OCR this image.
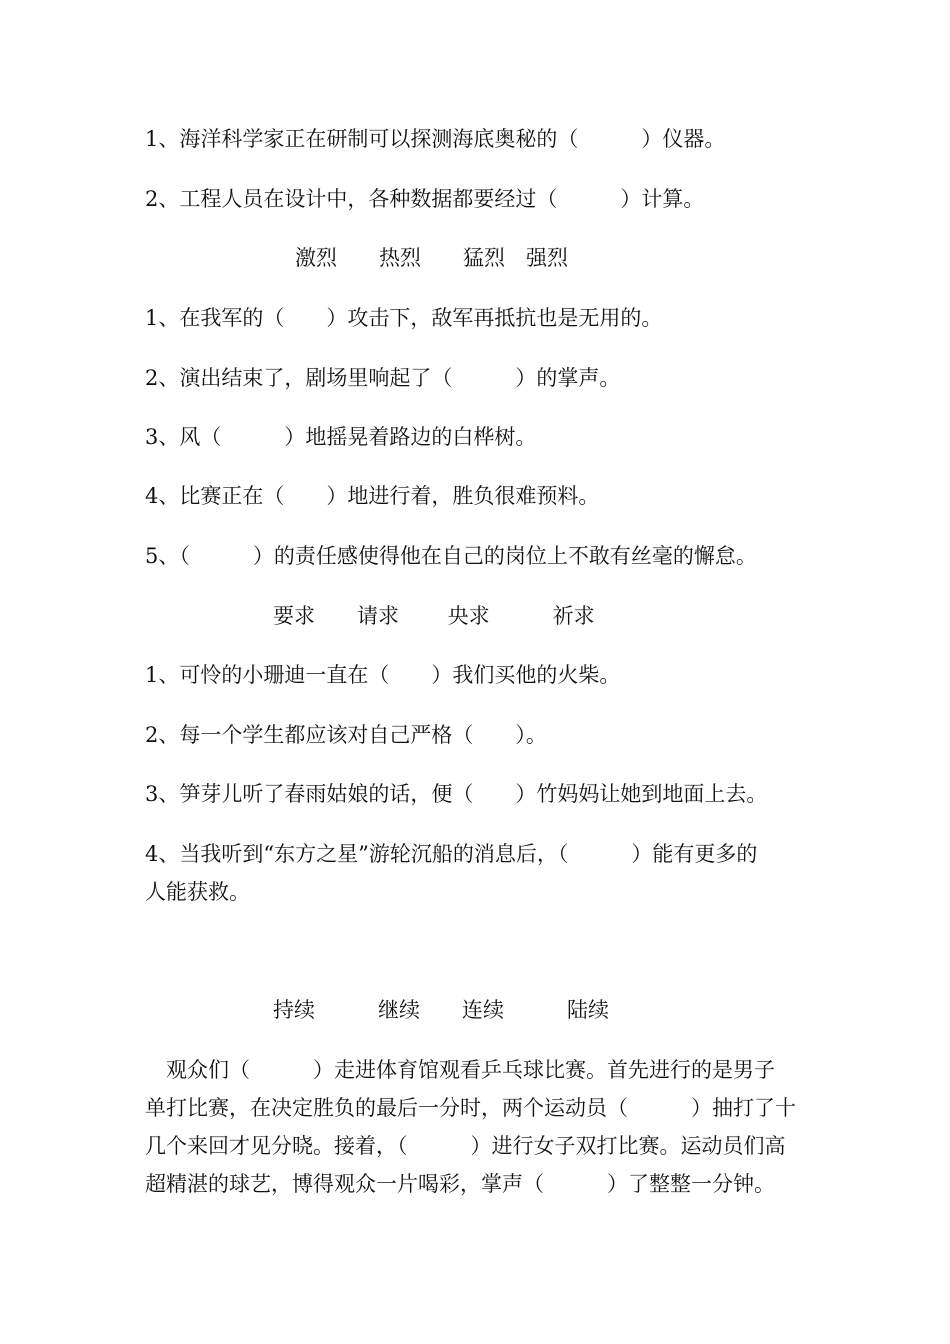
1、海洋科学家正在研制可以探测海底奥秘的（　　　）仪器。
2、工程人员在设计中，各种数据都要经过（　　　）计算。
激烈　　热烈　　猛烈　强烈
1、在我军的（　　）攻击下，敌军再抵抗也是无用的。
2、演出结束了，剧场里响起了（　　　）的掌声。
3、风（　　　）地摇晃着路边的白桦树。
4、比赛正在（　　）地进行着，胜负很难预料。
5、（　　　）的责任感使得他在自己的岗位上不敢有丝毫的懈怠。
要求　　请求　　 央求　　　祈求
1、可怜的小珊迪一直在（　　）我们买他的火柴。
2、每一个学生都应该对自己严格（　　）。
3、笋芽儿听了春雨姑娘的话，便（　　）竹妈妈让她到地面上去。
4、当我听到“东方之星”游轮沉船的消息后，（　　　）能有更多的
人能获救。
持续　　　继续　　连续　　　陆续
　观众们（　　　）走进体育馆观看乒乓球比赛。首先进行的是男子
单打比赛，在决定胜负的最后一分时，两个运动员（　　　）抽打了十
几个来回才见分晓。接着，（　　　）进行女子双打比赛。运动员们高
超精湛的球艺，博得观众一片喝彩，掌声（　　　）了整整一分钟。
